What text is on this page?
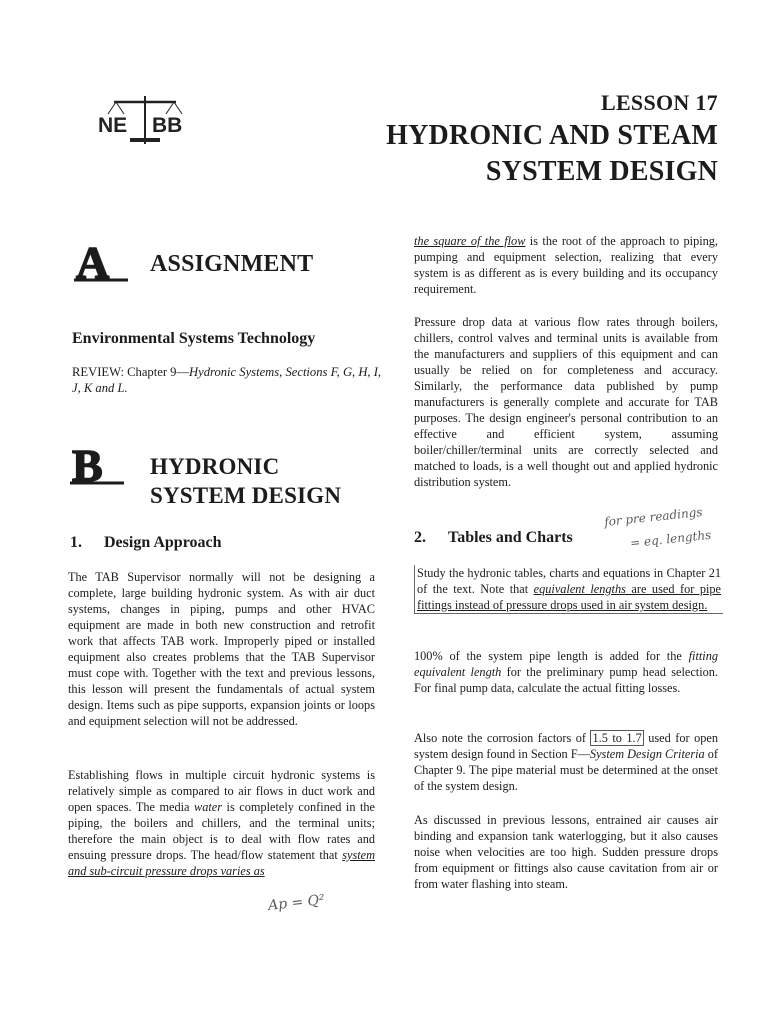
NE BB
LESSON 17
HYDRONIC AND STEAM
SYSTEM DESIGN
A ASSIGNMENT
Environmental Systems Technology
REVIEW: Chapter 9—Hydronic Systems, Sections F, G, H, I, J, K and L.
B HYDRONIC
SYSTEM DESIGN
1. Design Approach
The TAB Supervisor normally will not be designing a complete, large building hydronic system. As with air duct systems, changes in piping, pumps and other HVAC equipment are made in both new construction and retrofit work that affects TAB work. Improperly piped or installed equipment also creates problems that the TAB Supervisor must cope with. Together with the text and previous lessons, this lesson will present the fundamentals of actual system design. Items such as pipe supports, expansion joints or loops and equipment selection will not be addressed.
Establishing flows in multiple circuit hydronic systems is relatively simple as compared to air flows in duct work and open spaces. The media water is completely confined in the piping, the boilers and chillers, and the terminal units; therefore the main object is to deal with flow rates and ensuing pressure drops. The head/flow statement that system and sub-circuit pressure drops varies as
Ap = Q²
the square of the flow is the root of the approach to piping, pumping and equipment selection, realizing that every system is as different as is every building and its occupancy requirement.
Pressure drop data at various flow rates through boilers, chillers, control valves and terminal units is available from the manufacturers and suppliers of this equipment and can usually be relied on for completeness and accuracy. Similarly, the performance data published by pump manufacturers is generally complete and accurate for TAB purposes. The design engineer's personal contribution to an effective and efficient system, assuming boiler/chiller/terminal units are correctly selected and matched to loads, is a well thought out and applied hydronic distribution system.
2. Tables and Charts
for pre readings
= eq. lengths
Study the hydronic tables, charts and equations in Chapter 21 of the text. Note that equivalent lengths are used for pipe fittings instead of pressure drops used in air system design.
100% of the system pipe length is added for the fitting equivalent length for the preliminary pump head selection. For final pump data, calculate the actual fitting losses.
Also note the corrosion factors of 1.5 to 1.7 used for open system design found in Section F—System Design Criteria of Chapter 9. The pipe material must be determined at the onset of the system design.
As discussed in previous lessons, entrained air causes air binding and expansion tank waterlogging, but it also causes noise when velocities are too high. Sudden pressure drops from equipment or fittings also cause cavitation from air or from water flashing into steam.
